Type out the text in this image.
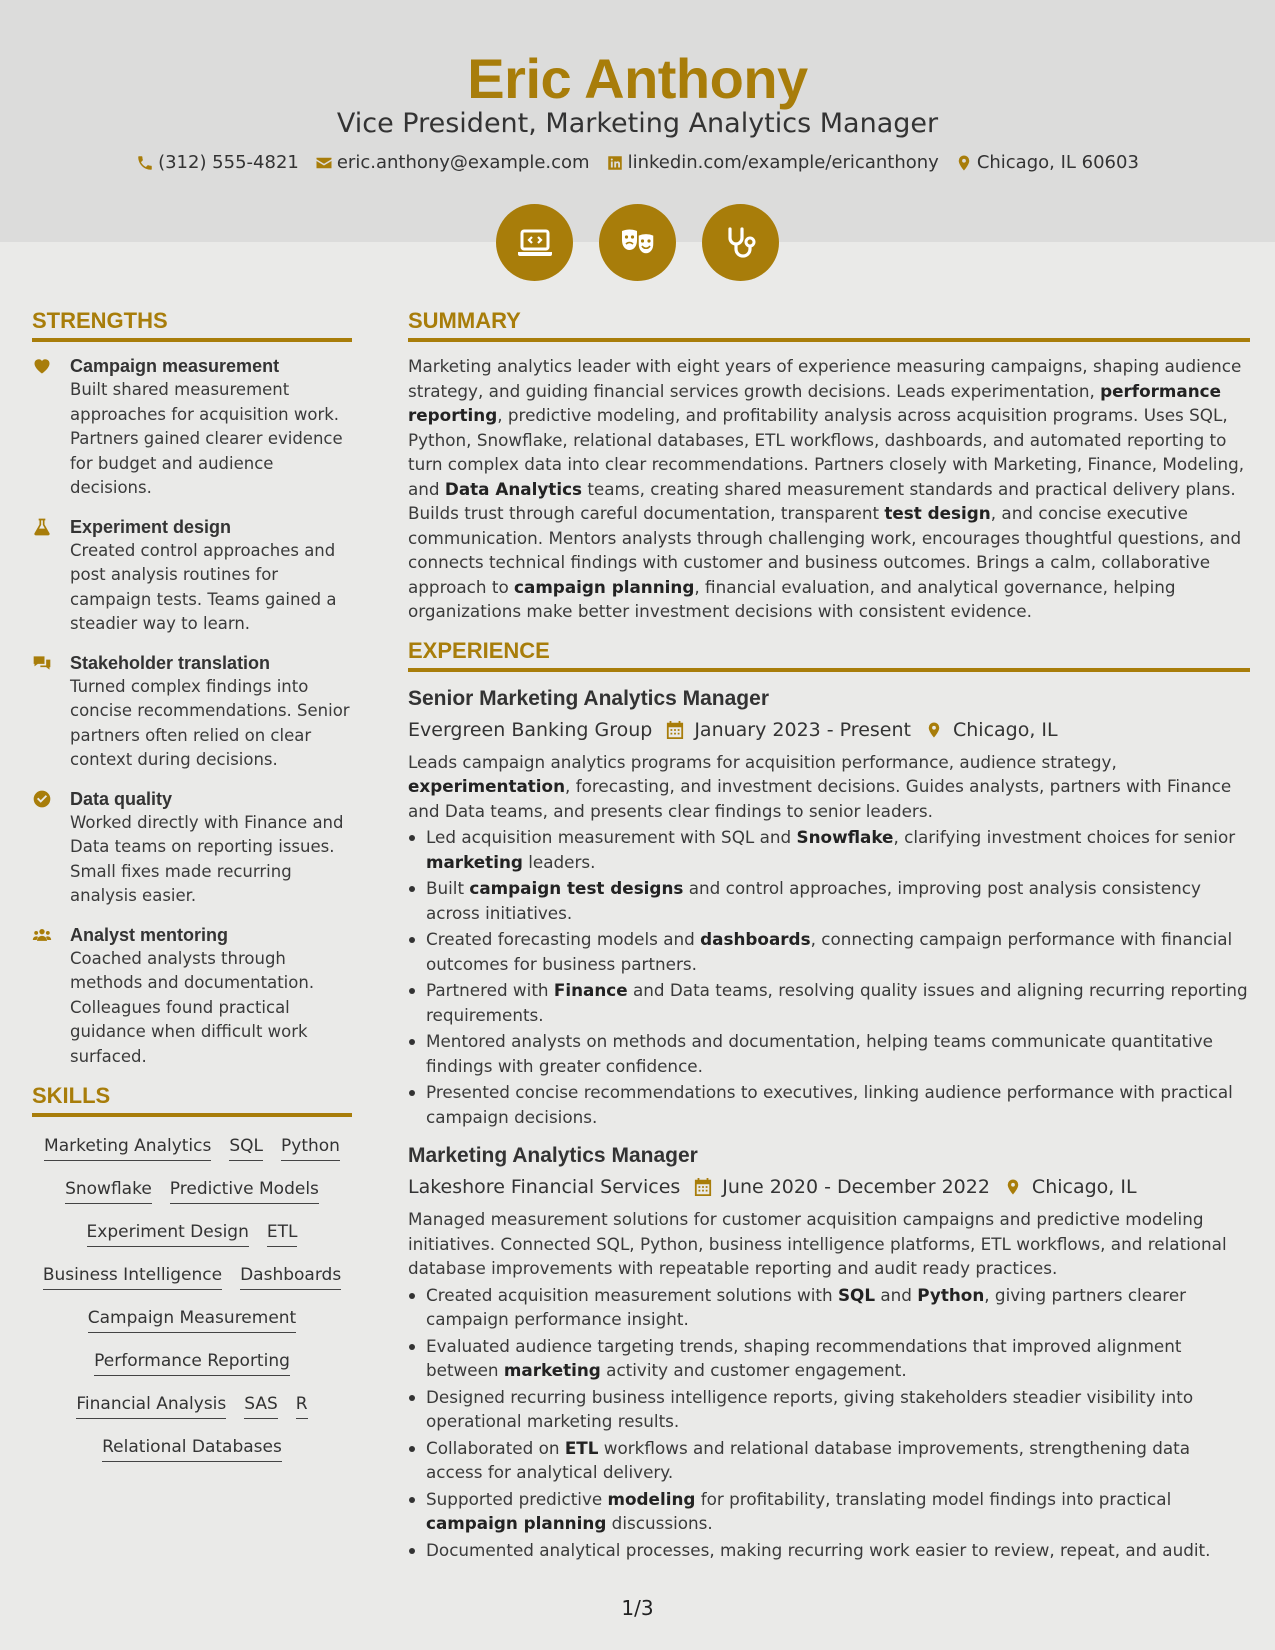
Eric Anthony
Vice President, Marketing Analytics Manager
(312) 555-4821 eric.anthony@example.com linkedin.com/example/ericanthony Chicago, IL 60603
STRENGTHS
Campaign measurement
Built shared measurement approaches for acquisition work. Partners gained clearer evidence for budget and audience decisions.
Experiment design
Created control approaches and post analysis routines for campaign tests. Teams gained a steadier way to learn.
Stakeholder translation
Turned complex findings into concise recommendations. Senior partners often relied on clear context during decisions.
Data quality
Worked directly with Finance and Data teams on reporting issues. Small fixes made recurring analysis easier.
Analyst mentoring
Coached analysts through methods and documentation. Colleagues found practical guidance when difficult work surfaced.
SKILLS
Marketing Analytics SQL Python
Snowflake Predictive Models
Experiment Design ETL
Business Intelligence Dashboards
Campaign Measurement
Performance Reporting
Financial Analysis SAS R
Relational Databases
SUMMARY

Marketing analytics leader with eight years of experience measuring campaigns, shaping audience strategy, and guiding financial services growth decisions. Leads experimentation, performance reporting, predictive modeling, and profitability analysis across acquisition programs. Uses SQL, Python, Snowflake, relational databases, ETL workflows, dashboards, and automated reporting to turn complex data into clear recommendations. Partners closely with Marketing, Finance, Modeling, and Data Analytics teams, creating shared measurement standards and practical delivery plans. Builds trust through careful documentation, transparent test design, and concise executive communication. Mentors analysts through challenging work, encourages thoughtful questions, and connects technical findings with customer and business outcomes. Brings a calm, collaborative approach to campaign planning, financial evaluation, and analytical governance, helping organizations make better investment decisions with consistent evidence.

EXPERIENCE
Senior Marketing Analytics Manager
Evergreen Banking Group January 2023 - Present Chicago, IL

Leads campaign analytics programs for acquisition performance, audience strategy, experimentation, forecasting, and investment decisions. Guides analysts, partners with Finance and Data teams, and presents clear findings to senior leaders.

Led acquisition measurement with SQL and Snowflake, clarifying investment choices for senior marketing leaders.
Built campaign test designs and control approaches, improving post analysis consistency across initiatives.
Created forecasting models and dashboards, connecting campaign performance with financial outcomes for business partners.
Partnered with Finance and Data teams, resolving quality issues and aligning recurring reporting requirements.
Mentored analysts on methods and documentation, helping teams communicate quantitative findings with greater confidence.
Presented concise recommendations to executives, linking audience performance with practical campaign decisions.
Marketing Analytics Manager
Lakeshore Financial Services June 2020 - December 2022 Chicago, IL

Managed measurement solutions for customer acquisition campaigns and predictive modeling initiatives. Connected SQL, Python, business intelligence platforms, ETL workflows, and relational database improvements with repeatable reporting and audit ready practices.

Created acquisition measurement solutions with SQL and Python, giving partners clearer campaign performance insight.
Evaluated audience targeting trends, shaping recommendations that improved alignment between marketing activity and customer engagement.
Designed recurring business intelligence reports, giving stakeholders steadier visibility into operational marketing results.
Collaborated on ETL workflows and relational database improvements, strengthening data access for analytical delivery.
Supported predictive modeling for profitability, translating model findings into practical campaign planning discussions.
Documented analytical processes, making recurring work easier to review, repeat, and audit.
1/3
